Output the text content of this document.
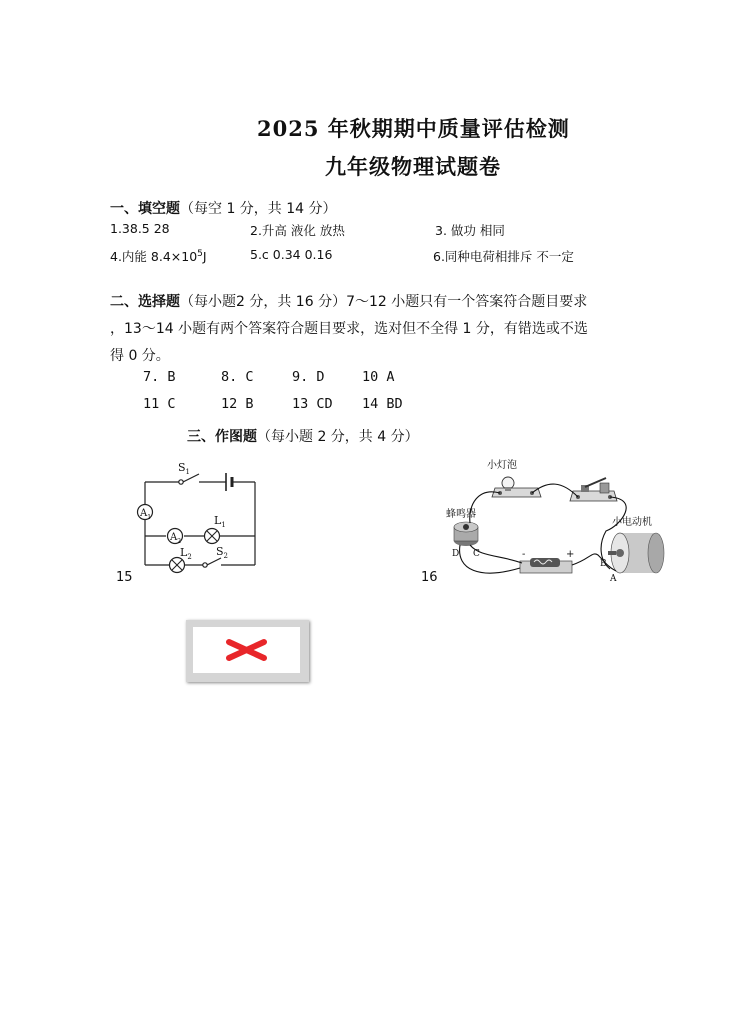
2025 年秋期期中质量评估检测
九年级物理试题卷
一、填空题（每空 1 分，共 14 分）
1.38.5 28	2.升高 液化 放热	3. 做功 相同
4.内能 $8.4\times 10^5J$	5.c 0.34 0.16	6.同种电荷相排斥 不一定
二、选择题（每小题2 分，共 16 分）7～12 小题只有一个答案符合题目要求
，13～14 小题有两个答案符合题目要求，选对但不全得 1 分，有错选或不选
得 0 分。
7. B	8. C	9. D	10 A
11 C	12 B	13 CD 14 BD
三、作图题（每小题 2 分，共 4 分）
$S_1$
$A_1$
$A_2$
$L_1$
$L_2$ $S_2$
15
小灯泡
蜂鸣器
小电动机
D C
B
A
-	+
16
